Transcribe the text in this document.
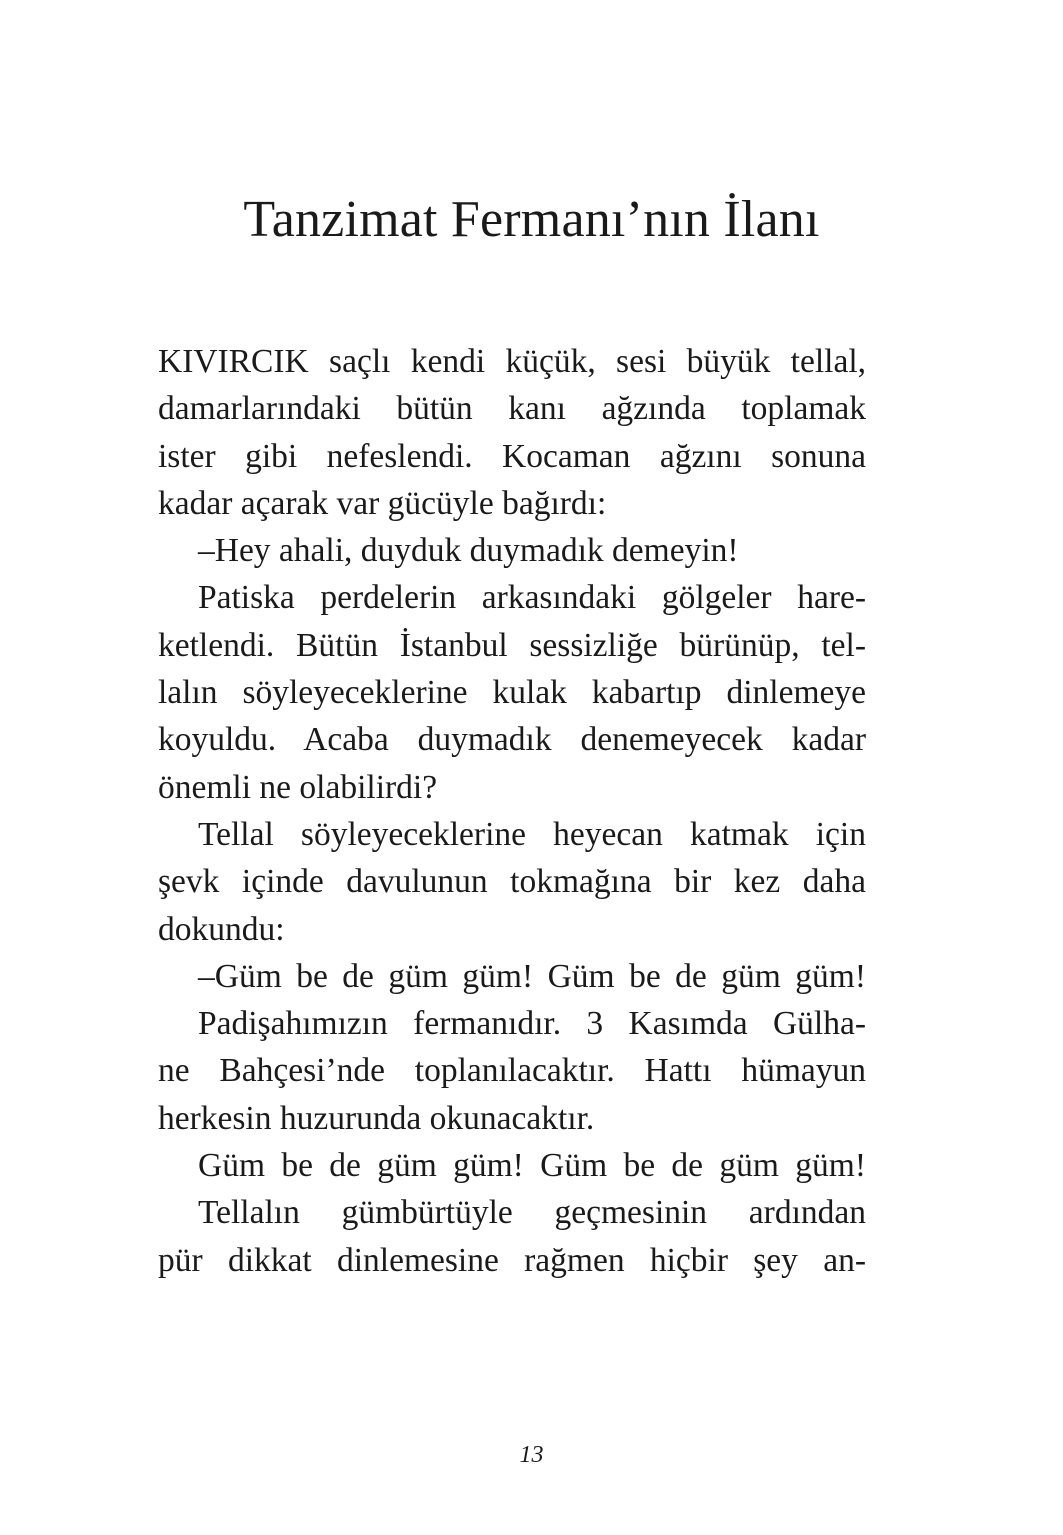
Tanzimat Fermanı’nın İlanı
KIVIRCIK saçlı kendi küçük, sesi büyük tellal,
damarlarındaki bütün kanı ağzında toplamak
ister gibi nefeslendi. Kocaman ağzını sonuna
kadar açarak var gücüyle bağırdı:
–Hey ahali, duyduk duymadık demeyin!
Patiska perdelerin arkasındaki gölgeler hare-
ketlendi. Bütün İstanbul sessizliğe bürünüp, tel-
lalın söyleyeceklerine kulak kabartıp dinlemeye
koyuldu. Acaba duymadık denemeyecek kadar
önemli ne olabilirdi?
Tellal söyleyeceklerine heyecan katmak için
şevk içinde davulunun tokmağına bir kez daha
dokundu:
–Güm be de güm güm! Güm be de güm güm!
Padişahımızın fermanıdır. 3 Kasımda Gülha-
ne Bahçesi’nde toplanılacaktır. Hattı hümayun
herkesin huzurunda okunacaktır.
Güm be de güm güm! Güm be de güm güm!
Tellalın gümbürtüyle geçmesinin ardından
pür dikkat dinlemesine rağmen hiçbir şey an-
13
